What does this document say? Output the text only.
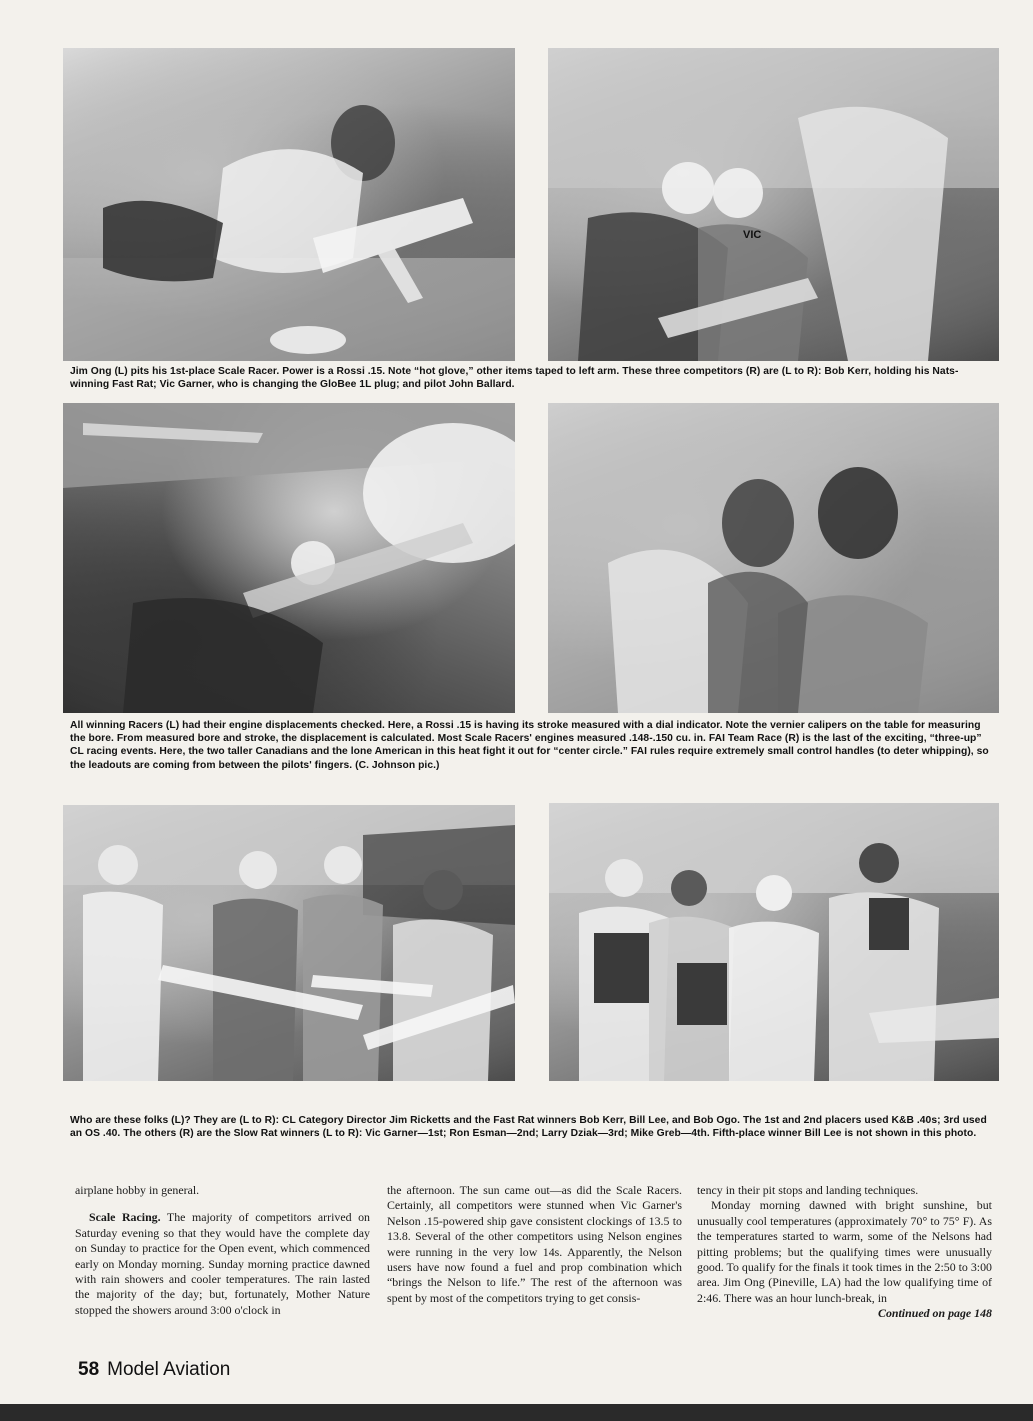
VIC
Jim Ong (L) pits his 1st-place Scale Racer. Power is a Rossi .15. Note “hot glove,” other items taped to left arm. These three competitors (R) are (L to R): Bob Kerr, holding his Nats-winning Fast Rat; Vic Garner, who is changing the GloBee 1L plug; and pilot John Ballard.
All winning Racers (L) had their engine displacements checked. Here, a Rossi .15 is having its stroke measured with a dial indicator. Note the vernier calipers on the table for measuring the bore. From measured bore and stroke, the displacement is calculated. Most Scale Racers' engines measured .148-.150 cu. in. FAI Team Race (R) is the last of the exciting, “three-up” CL racing events. Here, the two taller Canadians and the lone American in this heat fight it out for “center circle.” FAI rules require extremely small control handles (to deter whipping), so the leadouts are coming from between the pilots' fingers. (C. Johnson pic.)
Who are these folks (L)? They are (L to R): CL Category Director Jim Ricketts and the Fast Rat winners Bob Kerr, Bill Lee, and Bob Ogo. The 1st and 2nd placers used K&B .40s; 3rd used an OS .40. The others (R) are the Slow Rat winners (L to R): Vic Garner—1st; Ron Esman—2nd; Larry Dziak—3rd; Mike Greb—4th. Fifth-place winner Bill Lee is not shown in this photo.

airplane hobby in general.

Scale Racing. The majority of competitors arrived on Saturday evening so that they would have the complete day on Sunday to practice for the Open event, which commenced early on Monday morning. Sunday morning practice dawned with rain showers and cooler temperatures. The rain lasted the majority of the day; but, fortunately, Mother Nature stopped the showers around 3:00 o'clock in

the afternoon. The sun came out—as did the Scale Racers. Certainly, all competitors were stunned when Vic Garner's Nelson .15-powered ship gave consistent clockings of 13.5 to 13.8. Several of the other competitors using Nelson engines were running in the very low 14s. Apparently, the Nelson users have now found a fuel and prop combination which “brings the Nelson to life.” The rest of the afternoon was spent by most of the competitors trying to get consis-

tency in their pit stops and landing techniques.

Monday morning dawned with bright sunshine, but unusually cool temperatures (approximately 70° to 75° F). As the temperatures started to warm, some of the Nelsons had pitting problems; but the qualifying times were unusually good. To qualify for the finals it took times in the 2:50 to 3:00 area. Jim Ong (Pineville, LA) had the low qualifying time of 2:46. There was an hour lunch-break, in

Continued on page 148

58 Model Aviation
